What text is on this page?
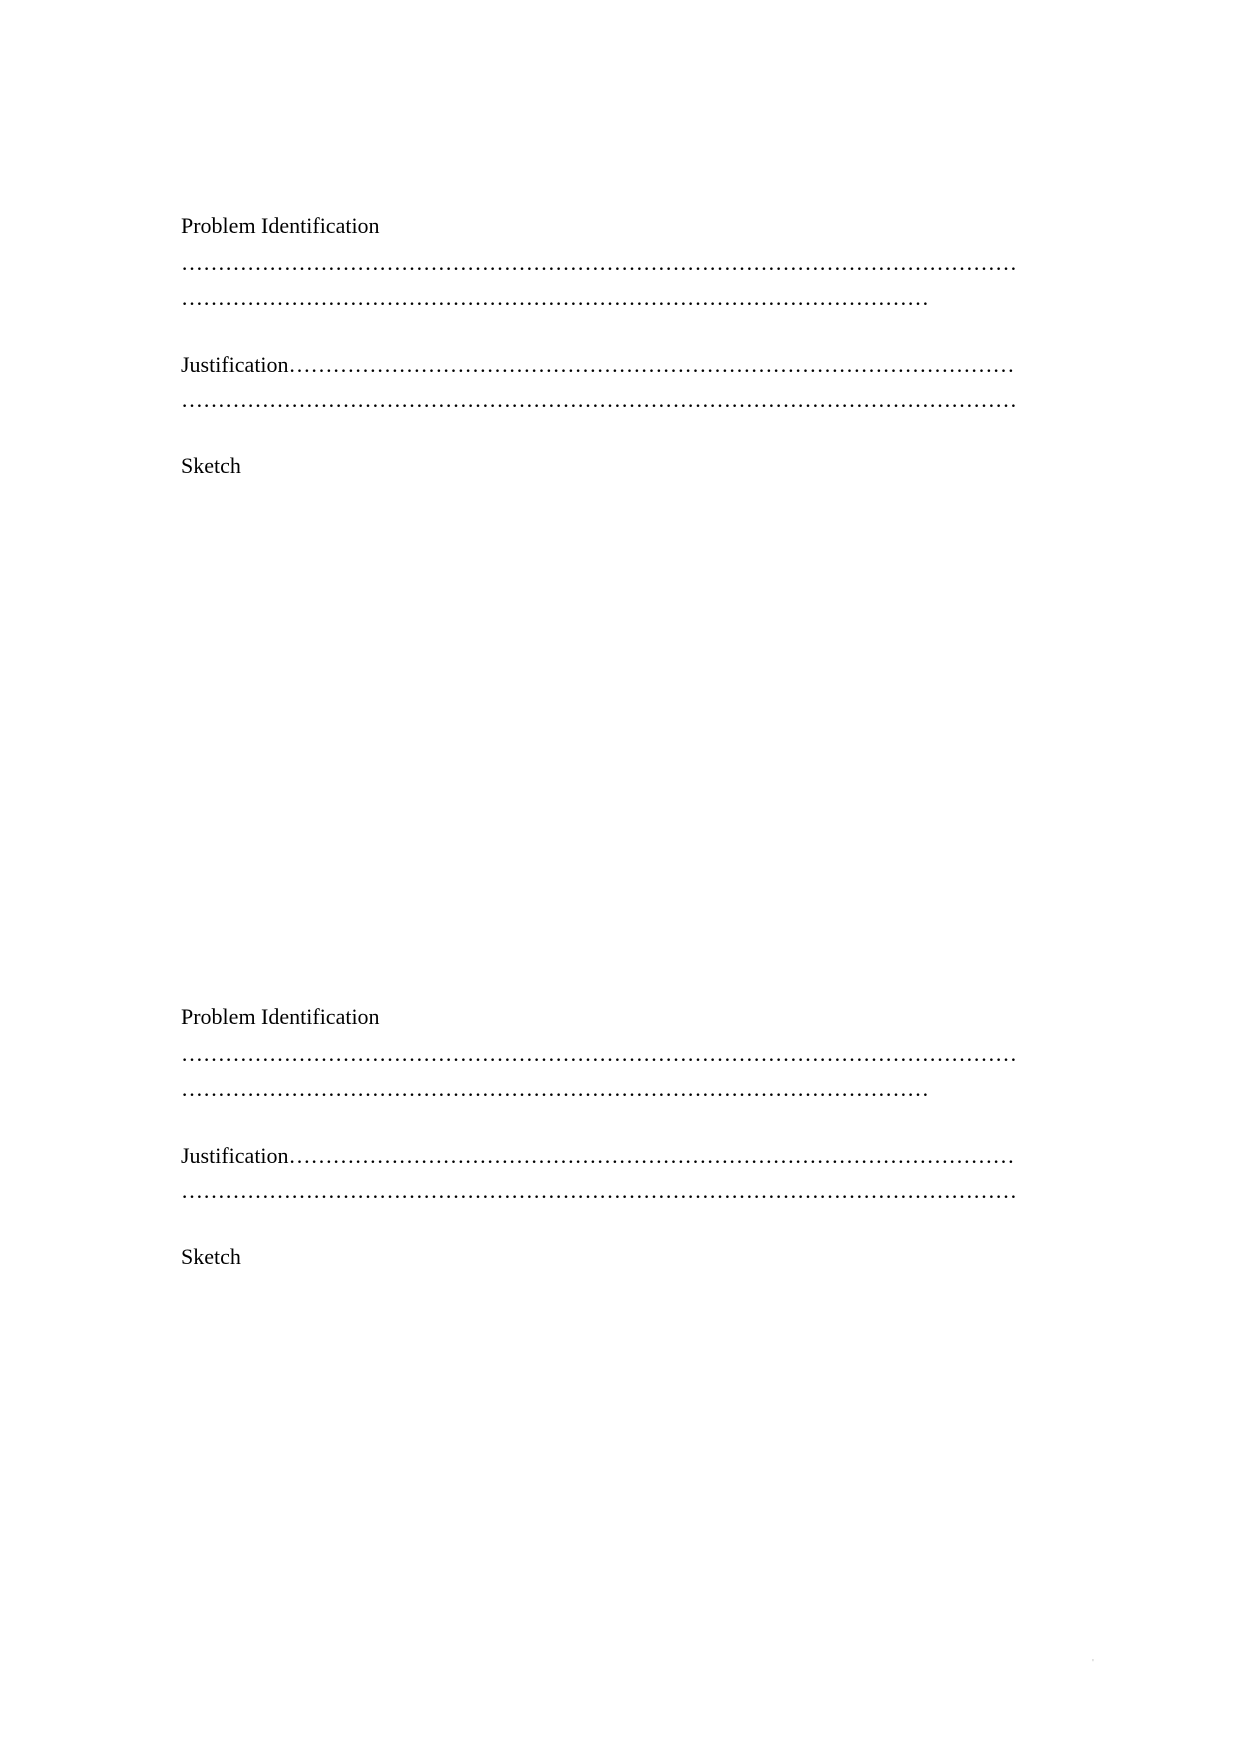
Problem Identification
……………………………………………………………………………………………………
…………………………………………………………………………………………
Justification………………………………………………………………………………………
……………………………………………………………………………………………………
Sketch
Problem Identification
……………………………………………………………………………………………………
…………………………………………………………………………………………
Justification………………………………………………………………………………………
……………………………………………………………………………………………………
Sketch
'
